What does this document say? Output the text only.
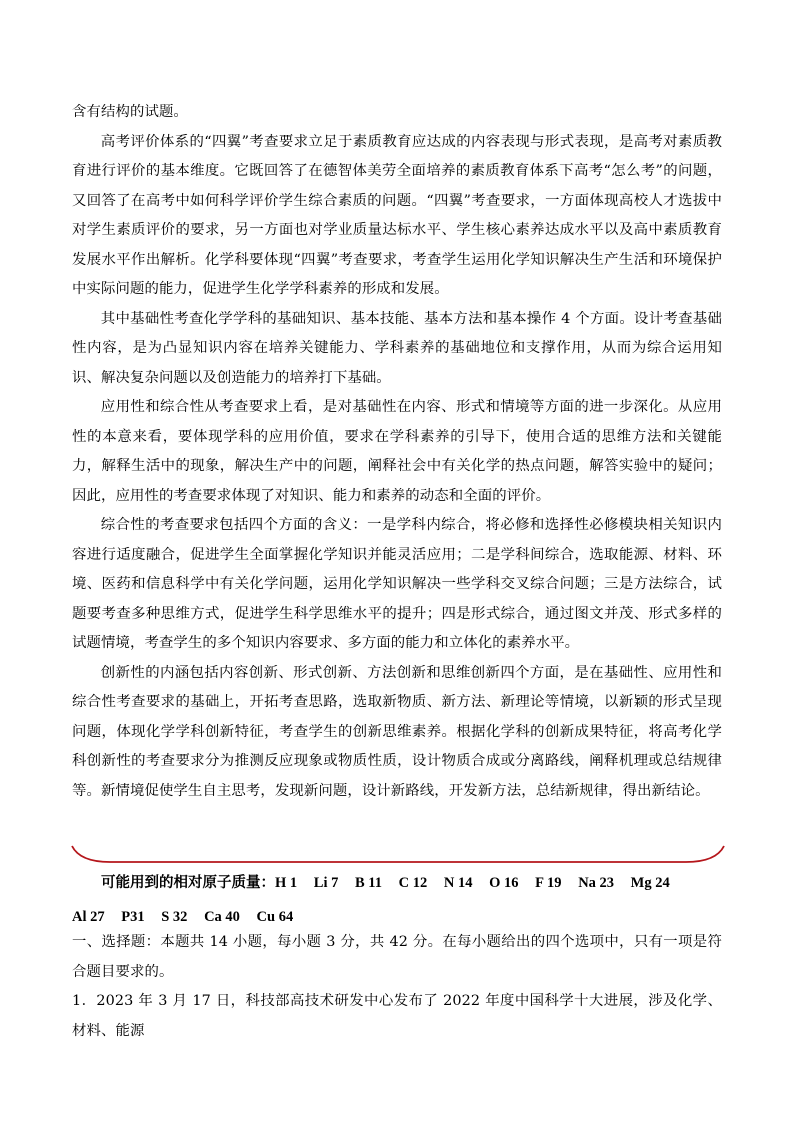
含有结构的试题。

高考评价体系的“四翼”考查要求立足于素质教育应达成的内容表现与形式表现，是高考对素质教育进行评价的基本维度。它既回答了在德智体美劳全面培养的素质教育体系下高考“怎么考”的问题，又回答了在高考中如何科学评价学生综合素质的问题。“四翼”考查要求，一方面体现高校人才选拔中对学生素质评价的要求，另一方面也对学业质量达标水平、学生核心素养达成水平以及高中素质教育发展水平作出解析。化学科要体现“四翼”考查要求，考查学生运用化学知识解决生产生活和环境保护中实际问题的能力，促进学生化学学科素养的形成和发展。

其中基础性考查化学学科的基础知识、基本技能、基本方法和基本操作 4 个方面。设计考查基础性内容，是为凸显知识内容在培养关键能力、学科素养的基础地位和支撑作用，从而为综合运用知识、解决复杂问题以及创造能力的培养打下基础。

应用性和综合性从考查要求上看，是对基础性在内容、形式和情境等方面的进一步深化。从应用性的本意来看，要体现学科的应用价值，要求在学科素养的引导下，使用合适的思维方法和关键能力，解释生活中的现象，解决生产中的问题，阐释社会中有关化学的热点问题，解答实验中的疑问；因此，应用性的考查要求体现了对知识、能力和素养的动态和全面的评价。

综合性的考查要求包括四个方面的含义：一是学科内综合，将必修和选择性必修模块相关知识内容进行适度融合，促进学生全面掌握化学知识并能灵活应用；二是学科间综合，选取能源、材料、环境、医药和信息科学中有关化学问题，运用化学知识解决一些学科交叉综合问题；三是方法综合，试题要考查多种思维方式，促进学生科学思维水平的提升；四是形式综合，通过图文并茂、形式多样的试题情境，考查学生的多个知识内容要求、多方面的能力和立体化的素养水平。

创新性的内涵包括内容创新、形式创新、方法创新和思维创新四个方面，是在基础性、应用性和综合性考查要求的基础上，开拓考查思路，选取新物质、新方法、新理论等情境，以新颖的形式呈现问题，体现化学学科创新特征，考查学生的创新思维素养。根据化学科的创新成果特征，将高考化学科创新性的考查要求分为推测反应现象或物质性质，设计物质合成或分离路线，阐释机理或总结规律等。新情境促使学生自主思考，发现新问题，设计新路线，开发新方法，总结新规律，得出新结论。

可能用到的相对原子质量：H 1 Li 7 B 11 C 12 N 14 O 16 F 19 Na 23 Mg 24 Al 27 P31 S 32 Ca 40 Cu 64

一、选择题：本题共 14 小题，每小题 3 分，共 42 分。在每小题给出的四个选项中，只有一项是符合题目要求的。

1．2023 年 3 月 17 日，科技部高技术研发中心发布了 2022 年度中国科学十大进展，涉及化学、材料、能源
